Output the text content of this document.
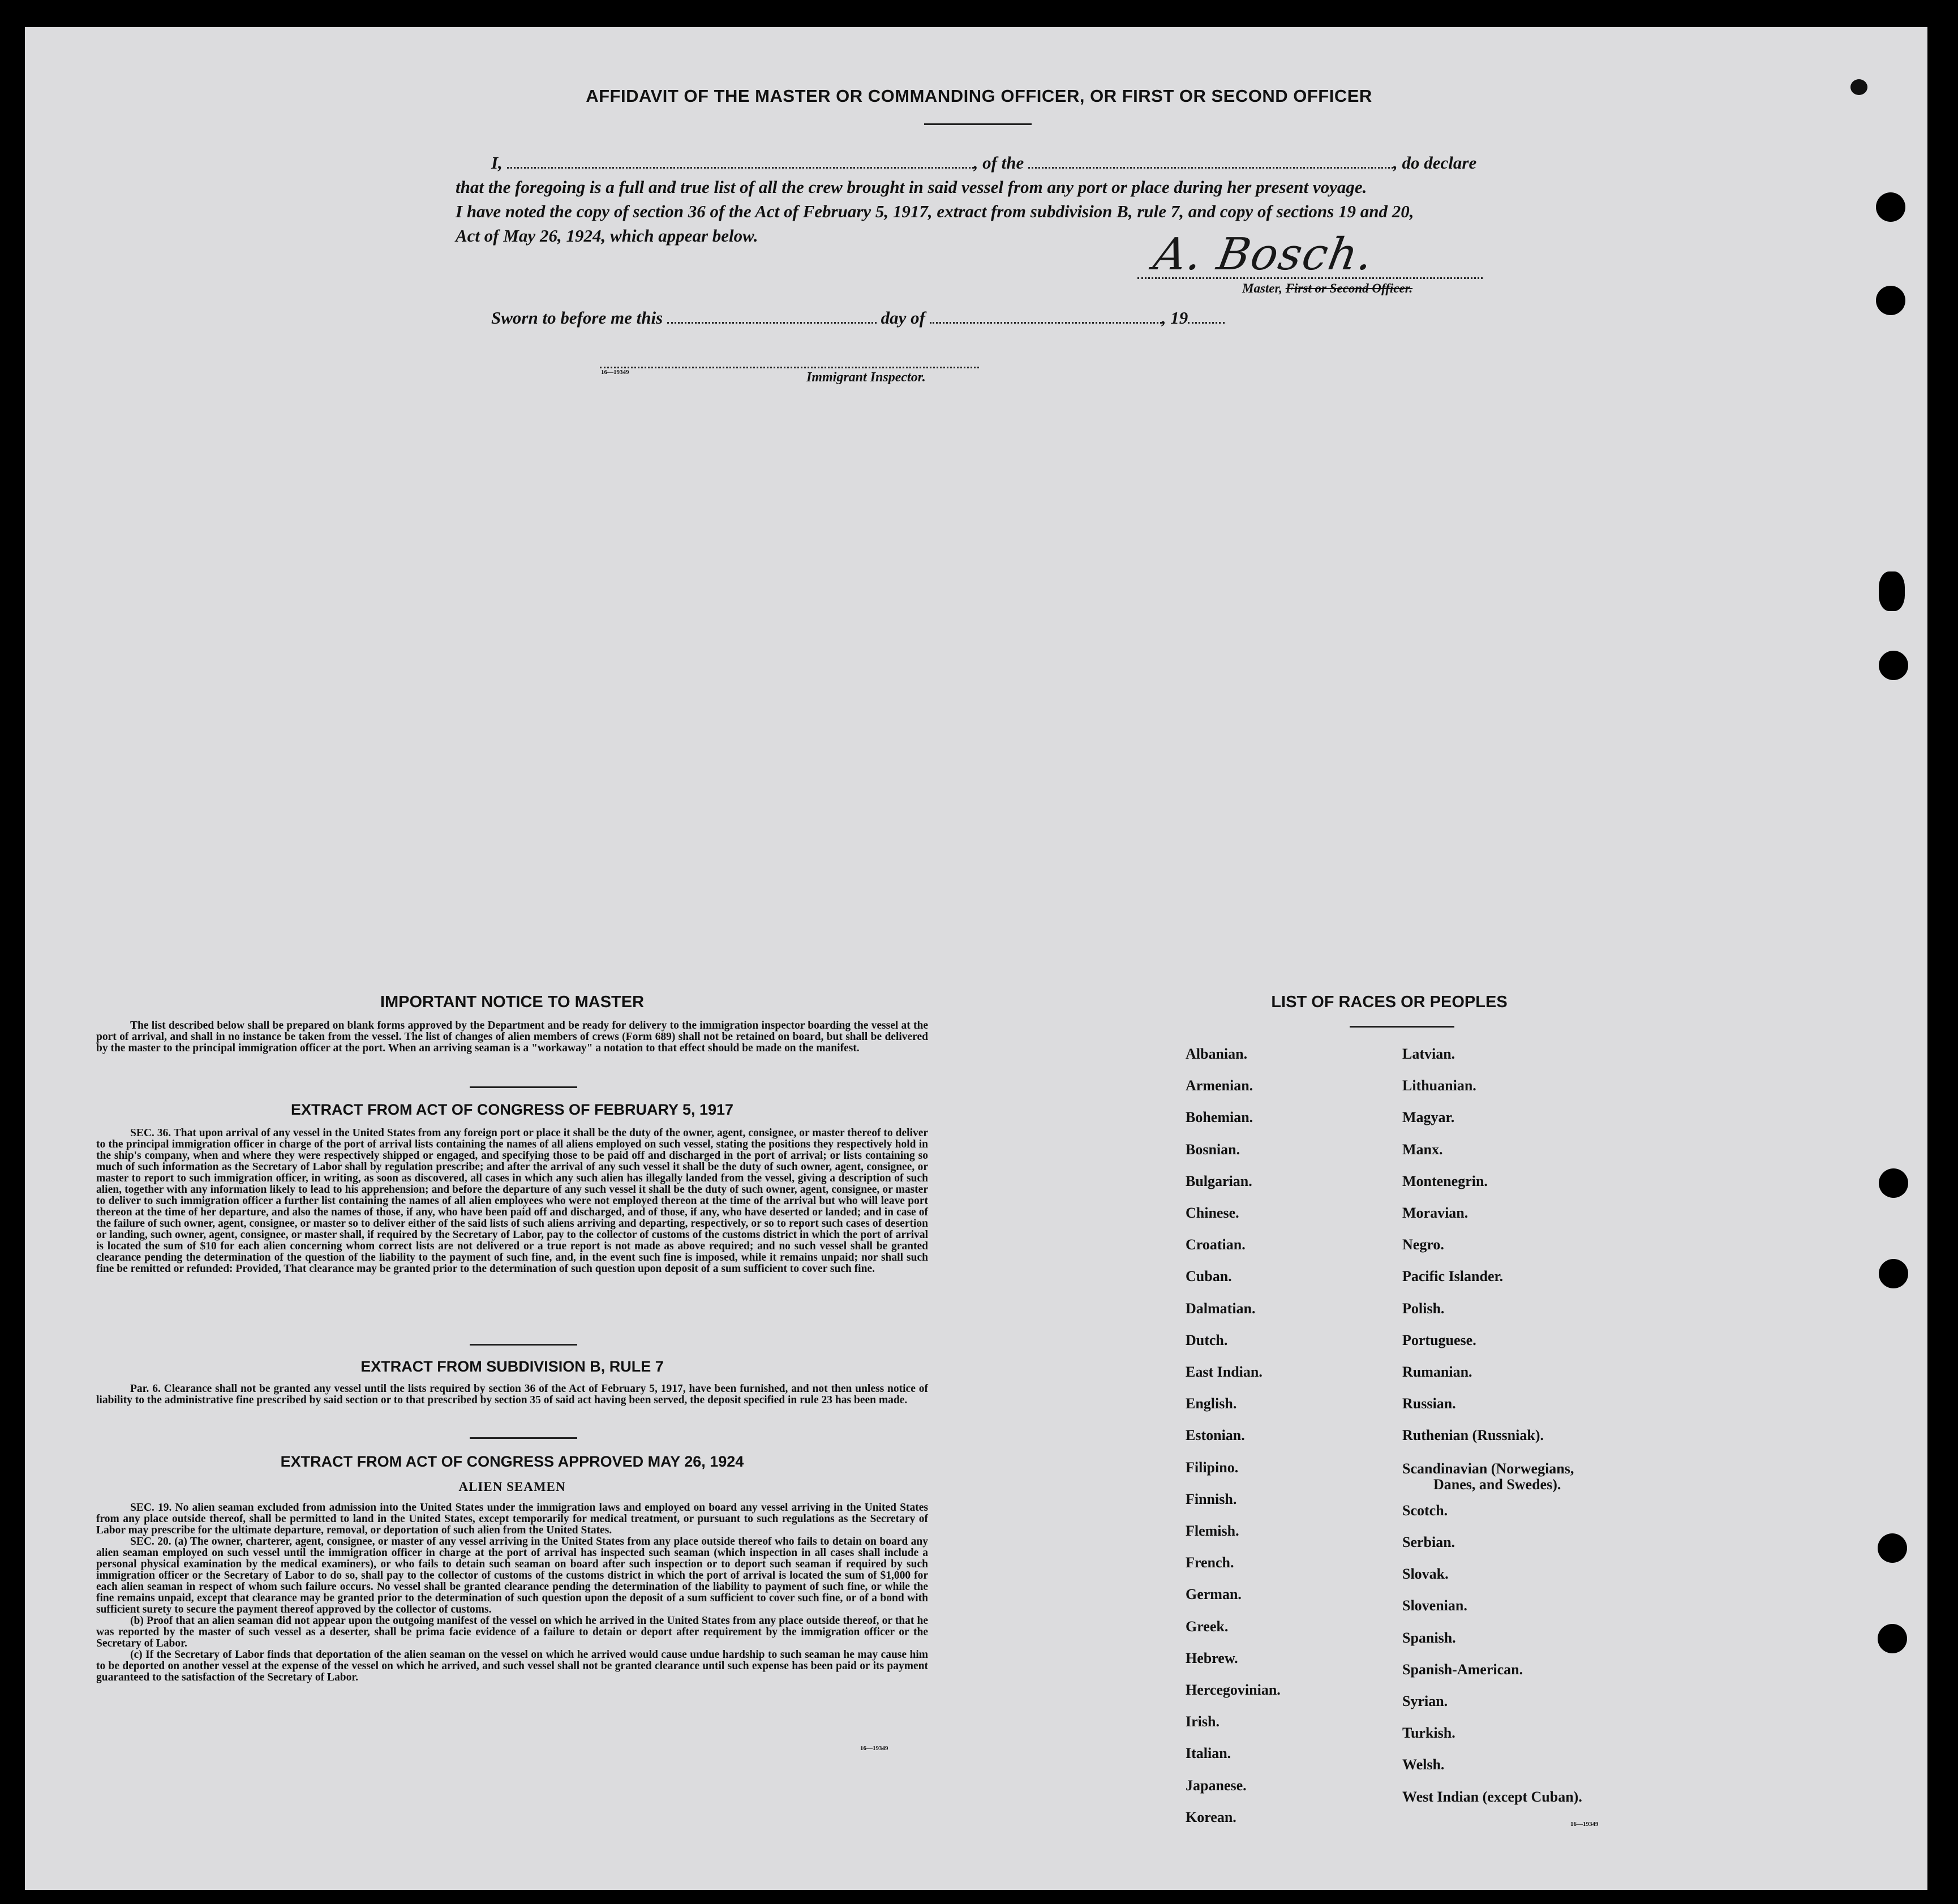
AFFIDAVIT OF THE MASTER OR COMMANDING OFFICER, OR FIRST OR SECOND OFFICER
I,	, of the	, do declare
that the foregoing is a full and true list of all the crew brought in said vessel from any port or place during her present voyage.
I have noted the copy of section 36 of the Act of February 5, 1917, extract from subdivision B, rule 7, and copy of sections 19 and 20,
Act of May 26, 1924, which appear below.	A. Bosch.
Master, First or Second Officer.
Sworn to before me this	day of	, 19
16—19349	Immigrant Inspector.
IMPORTANT NOTICE TO MASTER

The list described below shall be prepared on blank forms approved by the Department and be ready for delivery to the immigration inspector boarding the vessel at the port of arrival, and shall in no instance be taken from the vessel. The list of changes of alien members of crews (Form 689) shall not be retained on board, but shall be delivered by the master to the principal immigration officer at the port. When an arriving seaman is a "workaway" a notation to that effect should be made on the manifest.

EXTRACT FROM ACT OF CONGRESS OF FEBRUARY 5, 1917

SEC. 36. That upon arrival of any vessel in the United States from any foreign port or place it shall be the duty of the owner, agent, consignee, or master thereof to deliver to the principal immigration officer in charge of the port of arrival lists containing the names of all aliens employed on such vessel, stating the positions they respectively hold in the ship's company, when and where they were respectively shipped or engaged, and specifying those to be paid off and discharged in the port of arrival; or lists containing so much of such information as the Secretary of Labor shall by regulation prescribe; and after the arrival of any such vessel it shall be the duty of such owner, agent, consignee, or master to report to such immigration officer, in writing, as soon as discovered, all cases in which any such alien has illegally landed from the vessel, giving a description of such alien, together with any information likely to lead to his apprehension; and before the departure of any such vessel it shall be the duty of such owner, agent, consignee, or master to deliver to such immigration officer a further list containing the names of all alien employees who were not employed thereon at the time of the arrival but who will leave port thereon at the time of her departure, and also the names of those, if any, who have been paid off and discharged, and of those, if any, who have deserted or landed; and in case of the failure of such owner, agent, consignee, or master so to deliver either of the said lists of such aliens arriving and departing, respectively, or so to report such cases of desertion or landing, such owner, agent, consignee, or master shall, if required by the Secretary of Labor, pay to the collector of customs of the customs district in which the port of arrival is located the sum of $10 for each alien concerning whom correct lists are not delivered or a true report is not made as above required; and no such vessel shall be granted clearance pending the determination of the question of the liability to the payment of such fine, and, in the event such fine is imposed, while it remains unpaid; nor shall such fine be remitted or refunded: Provided, That clearance may be granted prior to the determination of such question upon deposit of a sum sufficient to cover such fine.

EXTRACT FROM SUBDIVISION B, RULE 7

Par. 6. Clearance shall not be granted any vessel until the lists required by section 36 of the Act of February 5, 1917, have been furnished, and not then unless notice of liability to the administrative fine prescribed by said section or to that prescribed by section 35 of said act having been served, the deposit specified in rule 23 has been made.

EXTRACT FROM ACT OF CONGRESS APPROVED MAY 26, 1924
ALIEN SEAMEN

SEC. 19. No alien seaman excluded from admission into the United States under the immigration laws and employed on board any vessel arriving in the United States from any place outside thereof, shall be permitted to land in the United States, except temporarily for medical treatment, or pursuant to such regulations as the Secretary of Labor may prescribe for the ultimate departure, removal, or deportation of such alien from the United States.

SEC. 20. (a) The owner, charterer, agent, consignee, or master of any vessel arriving in the United States from any place outside thereof who fails to detain on board any alien seaman employed on such vessel until the immigration officer in charge at the port of arrival has inspected such seaman (which inspection in all cases shall include a personal physical examination by the medical examiners), or who fails to detain such seaman on board after such inspection or to deport such seaman if required by such immigration officer or the Secretary of Labor to do so, shall pay to the collector of customs of the customs district in which the port of arrival is located the sum of $1,000 for each alien seaman in respect of whom such failure occurs. No vessel shall be granted clearance pending the determination of the liability to payment of such fine, or while the fine remains unpaid, except that clearance may be granted prior to the determination of such question upon the deposit of a sum sufficient to cover such fine, or of a bond with sufficient surety to secure the payment thereof approved by the collector of customs.

(b) Proof that an alien seaman did not appear upon the outgoing manifest of the vessel on which he arrived in the United States from any place outside thereof, or that he was reported by the master of such vessel as a deserter, shall be prima facie evidence of a failure to detain or deport after requirement by the immigration officer or the Secretary of Labor.

(c) If the Secretary of Labor finds that deportation of the alien seaman on the vessel on which he arrived would cause undue hardship to such seaman he may cause him to be deported on another vessel at the expense of the vessel on which he arrived, and such vessel shall not be granted clearance until such expense has been paid or its payment guaranteed to the satisfaction of the Secretary of Labor.

16—19349
LIST OF RACES OR PEOPLES
Albanian.
Armenian.
Bohemian.
Bosnian.
Bulgarian.
Chinese.
Croatian.
Cuban.
Dalmatian.
Dutch.
East Indian.
English.
Estonian.
Filipino.
Finnish.
Flemish.
French.
German.
Greek.
Hebrew.
Hercegovinian.
Irish.
Italian.
Japanese.
Korean.
Latvian.
Lithuanian.
Magyar.
Manx.
Montenegrin.
Moravian.
Negro.
Pacific Islander.
Polish.
Portuguese.
Rumanian.
Russian.
Ruthenian (Russniak).
Scandinavian (Norwegians,
Danes, and Swedes).
Scotch.
Serbian.
Slovak.
Slovenian.
Spanish.
Spanish-American.
Syrian.
Turkish.
Welsh.
West Indian (except Cuban).
16—19349
